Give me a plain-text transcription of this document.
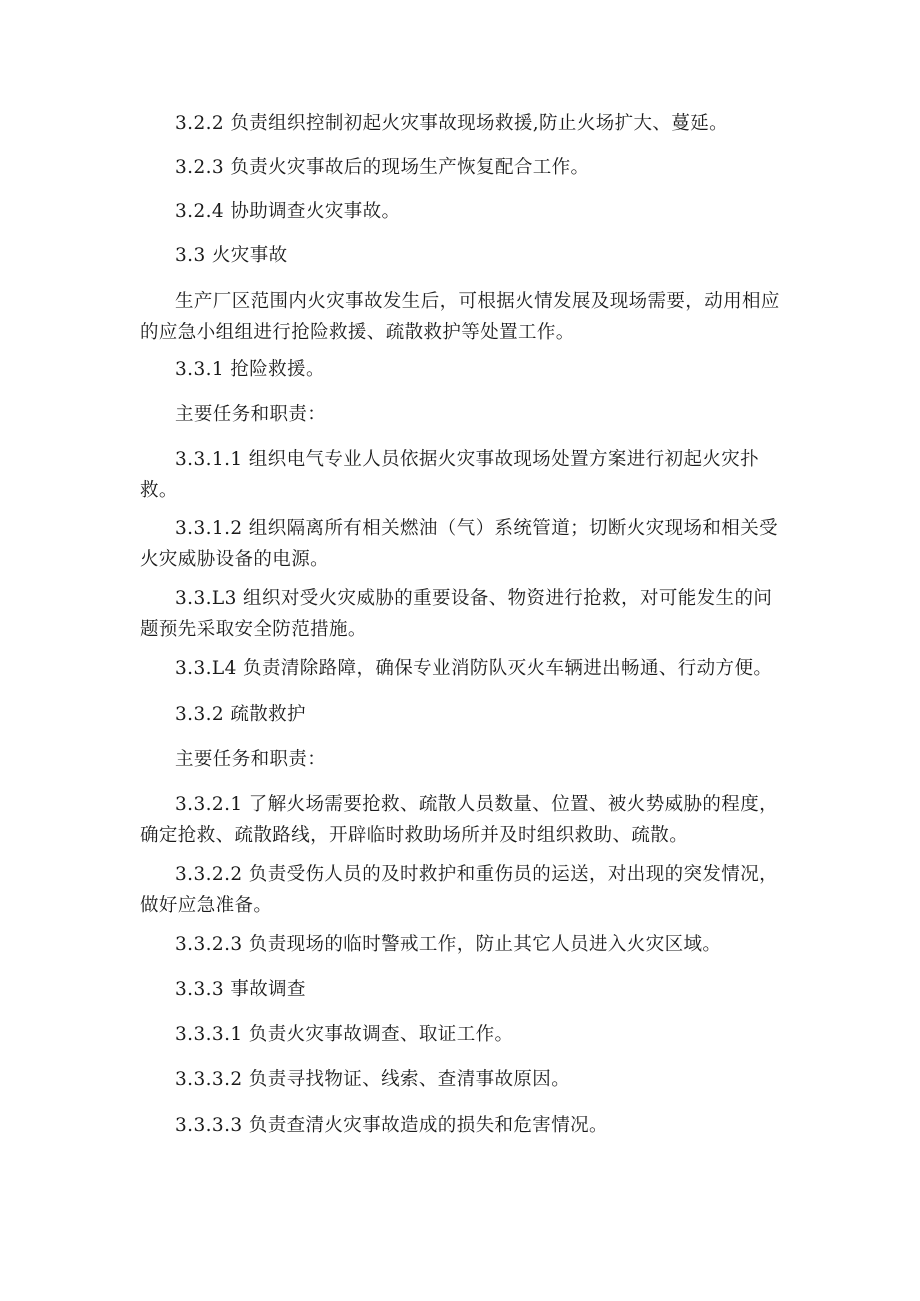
3.2.2 负责组织控制初起火灾事故现场救援,防止火场扩大、蔓延。

3.2.3 负责火灾事故后的现场生产恢复配合工作。

3.2.4 协助调查火灾事故。

3.3 火灾事故

生产厂区范围内火灾事故发生后，可根据火情发展及现场需要，动用相应
的应急小组组进行抢险救援、疏散救护等处置工作。

3.3.1 抢险救援。

主要任务和职责：

3.3.1.1 组织电气专业人员依据火灾事故现场处置方案进行初起火灾扑
救。

3.3.1.2 组织隔离所有相关燃油（气）系统管道；切断火灾现场和相关受
火灾威胁设备的电源。

3.3.L3 组织对受火灾威胁的重要设备、物资进行抢救，对可能发生的问
题预先采取安全防范措施。

3.3.L4 负责清除路障，确保专业消防队灭火车辆进出畅通、行动方便。

3.3.2 疏散救护

主要任务和职责：

3.3.2.1 了解火场需要抢救、疏散人员数量、位置、被火势威胁的程度，
确定抢救、疏散路线，开辟临时救助场所并及时组织救助、疏散。

3.3.2.2 负责受伤人员的及时救护和重伤员的运送，对出现的突发情况，
做好应急准备。

3.3.2.3 负责现场的临时警戒工作，防止其它人员进入火灾区域。

3.3.3 事故调查

3.3.3.1 负责火灾事故调查、取证工作。

3.3.3.2 负责寻找物证、线索、查清事故原因。

3.3.3.3 负责查清火灾事故造成的损失和危害情况。
